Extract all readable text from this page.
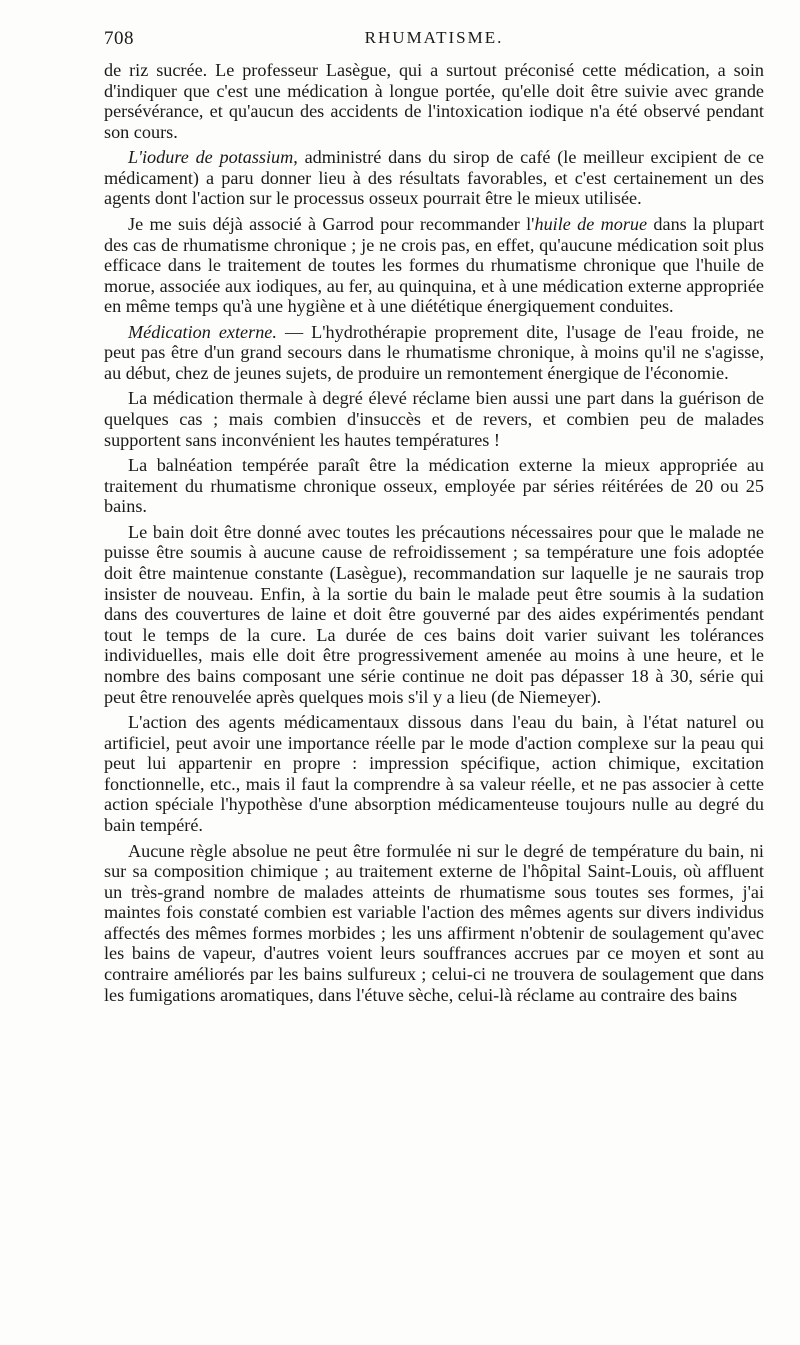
708	RHUMATISME.

de riz sucrée. Le professeur Lasègue, qui a surtout préconisé cette médication, a soin d'indiquer que c'est une médication à longue portée, qu'elle doit être suivie avec grande persévérance, et qu'aucun des accidents de l'intoxication iodique n'a été observé pendant son cours.

L'iodure de potassium, administré dans du sirop de café (le meilleur excipient de ce médicament) a paru donner lieu à des résultats favorables, et c'est certainement un des agents dont l'action sur le processus osseux pourrait être le mieux utilisée.

Je me suis déjà associé à Garrod pour recommander l'huile de morue dans la plupart des cas de rhumatisme chronique ; je ne crois pas, en effet, qu'aucune médication soit plus efficace dans le traitement de toutes les formes du rhumatisme chronique que l'huile de morue, associée aux iodiques, au fer, au quinquina, et à une médication externe appropriée en même temps qu'à une hygiène et à une diététique énergiquement conduites.

Médication externe. — L'hydrothérapie proprement dite, l'usage de l'eau froide, ne peut pas être d'un grand secours dans le rhumatisme chronique, à moins qu'il ne s'agisse, au début, chez de jeunes sujets, de produire un remontement énergique de l'économie.

La médication thermale à degré élevé réclame bien aussi une part dans la guérison de quelques cas ; mais combien d'insuccès et de revers, et combien peu de malades supportent sans inconvénient les hautes températures !

La balnéation tempérée paraît être la médication externe la mieux appropriée au traitement du rhumatisme chronique osseux, employée par séries réitérées de 20 ou 25 bains.

Le bain doit être donné avec toutes les précautions nécessaires pour que le malade ne puisse être soumis à aucune cause de refroidissement ; sa température une fois adoptée doit être maintenue constante (Lasègue), recommandation sur laquelle je ne saurais trop insister de nouveau. Enfin, à la sortie du bain le malade peut être soumis à la sudation dans des couvertures de laine et doit être gouverné par des aides expérimentés pendant tout le temps de la cure. La durée de ces bains doit varier suivant les tolérances individuelles, mais elle doit être progressivement amenée au moins à une heure, et le nombre des bains composant une série continue ne doit pas dépasser 18 à 30, série qui peut être renouvelée après quelques mois s'il y a lieu (de Niemeyer).

L'action des agents médicamentaux dissous dans l'eau du bain, à l'état naturel ou artificiel, peut avoir une importance réelle par le mode d'action complexe sur la peau qui peut lui appartenir en propre : impression spécifique, action chimique, excitation fonctionnelle, etc., mais il faut la comprendre à sa valeur réelle, et ne pas associer à cette action spéciale l'hypothèse d'une absorption médicamenteuse toujours nulle au degré du bain tempéré.

Aucune règle absolue ne peut être formulée ni sur le degré de température du bain, ni sur sa composition chimique ; au traitement externe de l'hôpital Saint-Louis, où affluent un très-grand nombre de malades atteints de rhumatisme sous toutes ses formes, j'ai maintes fois constaté combien est variable l'action des mêmes agents sur divers individus affectés des mêmes formes morbides ; les uns affirment n'obtenir de soulagement qu'avec les bains de vapeur, d'autres voient leurs souffrances accrues par ce moyen et sont au contraire améliorés par les bains sulfureux ; celui-ci ne trouvera de soulagement que dans les fumigations aromatiques, dans l'étuve sèche, celui-là réclame au contraire des bains
